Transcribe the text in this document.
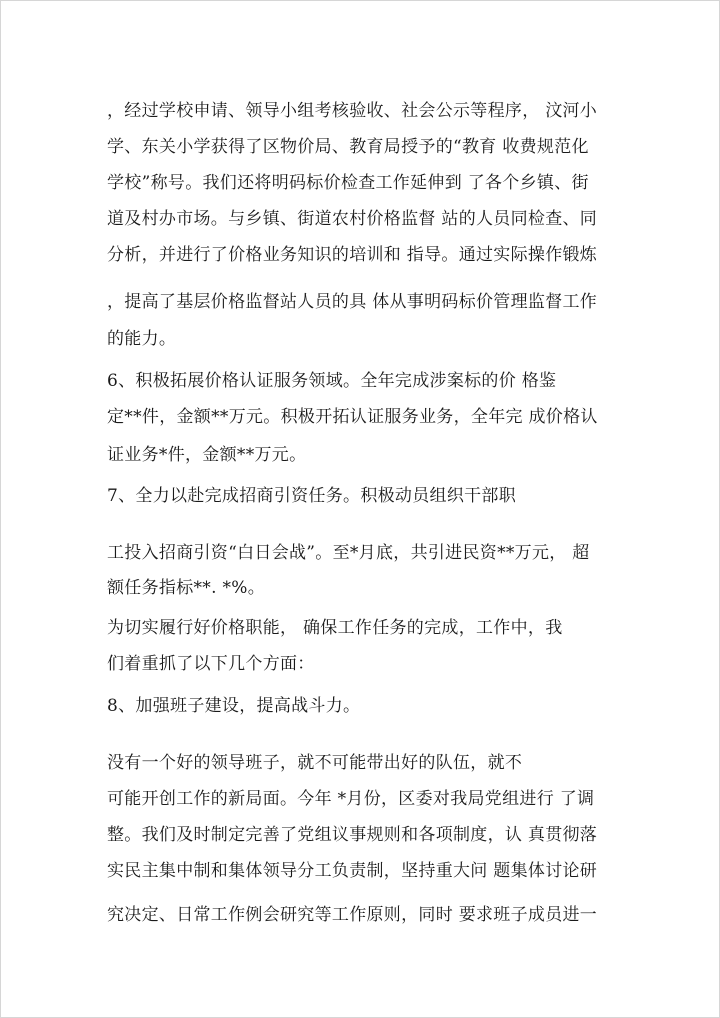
，经过学校申请、领导小组考核验收、社会公示等程序， 汶河小
学、东关小学获得了区物价局、教育局授予的“教育 收费规范化
学校”称号。我们还将明码标价检查工作延伸到 了各个乡镇、街
道及村办市场。与乡镇、街道农村价格监督 站的人员同检查、同
分析，并进行了价格业务知识的培训和 指导。通过实际操作锻炼
，提高了基层价格监督站人员的具 体从事明码标价管理监督工作
的能力。
6、积极拓展价格认证服务领域。全年完成涉案标的价 格鉴
定**件，金额**万元。积极开拓认证服务业务，全年完 成价格认
证业务*件，金额**万元。
7、全力以赴完成招商引资任务。积极动员组织干部职
工投入招商引资“白日会战”。至*月底，共引进民资**万元， 超
额任务指标**. *%。
为切实履行好价格职能， 确保工作任务的完成，工作中，我
们着重抓了以下几个方面：
8、加强班子建设，提高战斗力。
没有一个好的领导班子，就不可能带出好的队伍，就不
可能开创工作的新局面。今年 *月份，区委对我局党组进行 了调
整。我们及时制定完善了党组议事规则和各项制度，认 真贯彻落
实民主集中制和集体领导分工负责制，坚持重大问 题集体讨论研
究决定、日常工作例会研究等工作原则，同时 要求班子成员进一
